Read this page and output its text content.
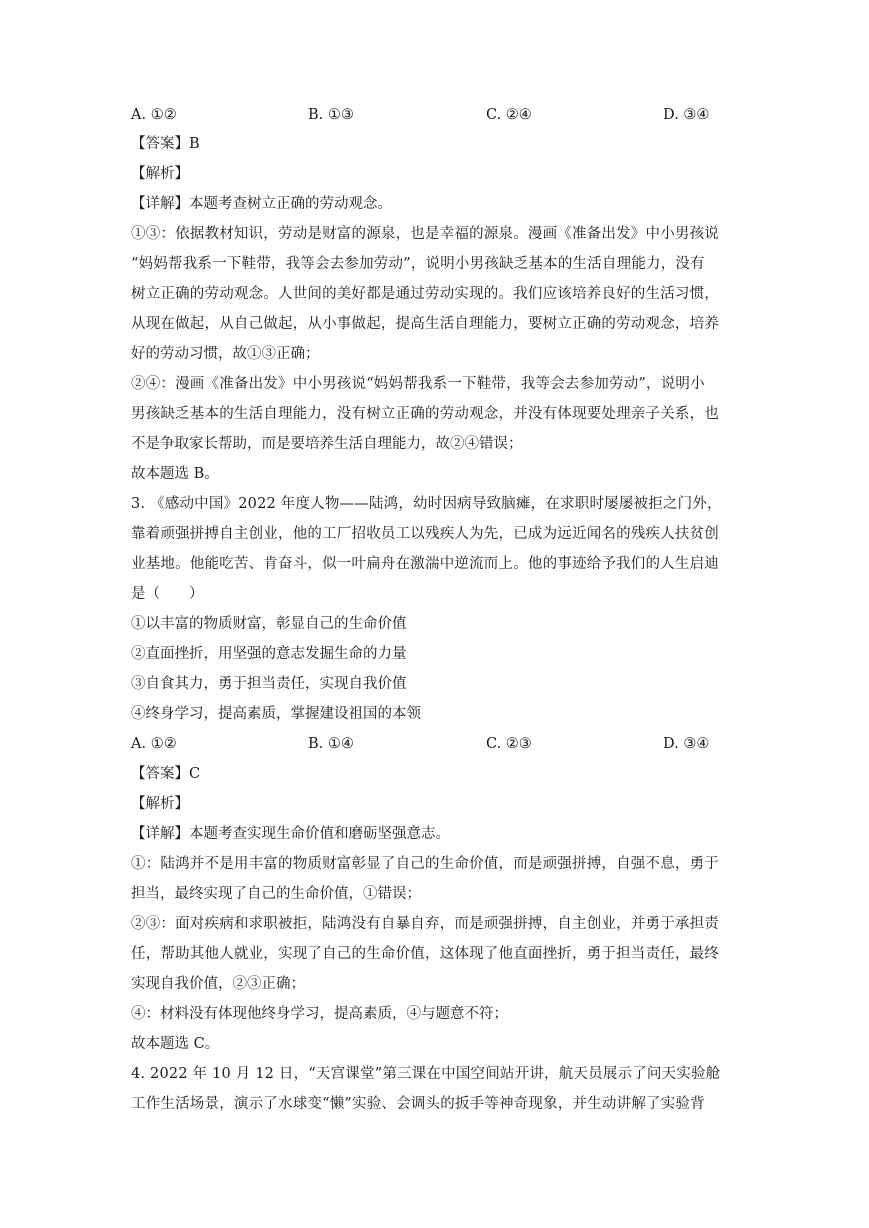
A. ①②	B. ①③	C. ②④	D. ③④
【答案】B
【解析】
【详解】本题考查树立正确的劳动观念。
①③：依据教材知识，劳动是财富的源泉，也是幸福的源泉。漫画《准备出发》中小男孩说
“妈妈帮我系一下鞋带，我等会去参加劳动”，说明小男孩缺乏基本的生活自理能力，没有
树立正确的劳动观念。人世间的美好都是通过劳动实现的。我们应该培养良好的生活习惯，
从现在做起，从自己做起，从小事做起，提高生活自理能力，要树立正确的劳动观念，培养
好的劳动习惯，故①③正确；
②④：漫画《准备出发》中小男孩说“妈妈帮我系一下鞋带，我等会去参加劳动”，说明小
男孩缺乏基本的生活自理能力，没有树立正确的劳动观念，并没有体现要处理亲子关系，也
不是争取家长帮助，而是要培养生活自理能力，故②④错误；
故本题选 B。
3. 《感动中国》2022 年度人物——陆鸿，幼时因病导致脑瘫，在求职时屡屡被拒之门外，
靠着顽强拼搏自主创业，他的工厂招收员工以残疾人为先，已成为远近闻名的残疾人扶贫创
业基地。他能吃苦、肯奋斗，似一叶扁舟在激湍中逆流而上。他的事迹给予我们的人生启迪
是（　　）
①以丰富的物质财富，彰显自己的生命价值
②直面挫折，用坚强的意志发掘生命的力量
③自食其力，勇于担当责任，实现自我价值
④终身学习，提高素质，掌握建设祖国的本领
A. ①②	B. ①④	C. ②③	D. ③④
【答案】C
【解析】
【详解】本题考查实现生命价值和磨砺坚强意志。
①：陆鸿并不是用丰富的物质财富彰显了自己的生命价值，而是顽强拼搏，自强不息，勇于
担当，最终实现了自己的生命价值，①错误；
②③：面对疾病和求职被拒，陆鸿没有自暴自弃，而是顽强拼搏，自主创业，并勇于承担责
任，帮助其他人就业，实现了自己的生命价值，这体现了他直面挫折，勇于担当责任，最终
实现自我价值，②③正确；
④：材料没有体现他终身学习，提高素质，④与题意不符；
故本题选 C。
4. 2022 年 10 月 12 日，“天宫课堂”第三课在中国空间站开讲，航天员展示了问天实验舱
工作生活场景，演示了水球变“懒”实验、会调头的扳手等神奇现象，并生动讲解了实验背
